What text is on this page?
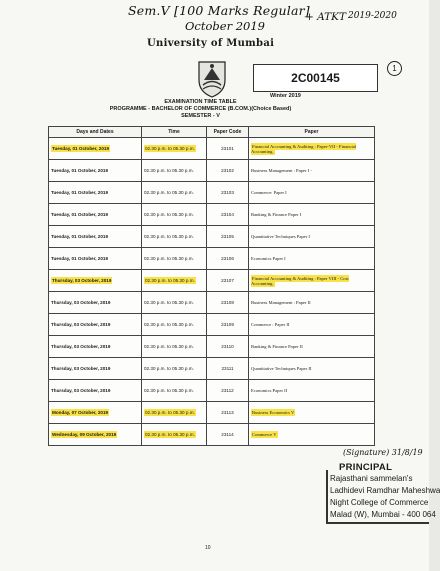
Sem.V [100 Marks Regular]
+ ATKT
October 2019
2019-2020
University of Mumbai
2C00145
1
Winter 2019
EXAMINATION TIME TABLE
PROGRAMME - BACHELOR OF COMMERCE (B.COM.)(Choice Based)
SEMESTER - V
Days and Dates	Time	Paper Code	Paper
Tuesday, 01 October, 2019	02.30 p.m. to 05.30 p.m.	23101	Financial Accounting & Auditing : Paper-VII - Financial Accounting.
Tuesday, 01 October, 2019	02.30 p.m. to 05.30 p.m.	23102	Business Management : Paper I -
Tuesday, 01 October, 2019	02.30 p.m. to 05.30 p.m.	23103	Commerce: Paper I
Tuesday, 01 October, 2019	02.30 p.m. to 05.30 p.m.	23104	Banking & Finance Paper I
Tuesday, 01 October, 2019	02.30 p.m. to 05.30 p.m.	23105	Quantitative Techniques Paper I
Tuesday, 01 October, 2019	02.30 p.m. to 05.30 p.m.	23106	Economics Paper I
Thursday, 03 October, 2019	02.30 p.m. to 05.30 p.m.	23107	Financial Accounting & Auditing : Paper VIII - Cost Accounting.
Thursday, 03 October, 2019	02.30 p.m. to 05.30 p.m.	23108	Business Management : Paper II
Thursday, 03 October, 2019	02.30 p.m. to 05.30 p.m.	23109	Commerce : Paper II
Thursday, 03 October, 2019	02.30 p.m. to 05.30 p.m.	23110	Banking & Finance Paper II
Thursday, 03 October, 2019	02.30 p.m. to 05.30 p.m.	23111	Quantitative Techniques Paper II
Thursday, 03 October, 2019	02.30 p.m. to 05.30 p.m.	23112	Economics Paper II
Monday, 07 October, 2019	02.30 p.m. to 05.30 p.m.	23113	Business Economics V
Wednesday, 09 October, 2019	02.30 p.m. to 05.30 p.m.	23114	Commerce V
(Signature) 31/8/19
PRINCIPAL
Rajasthani sammelan's
Ladhidevi Ramdhar Maheshwa
Night College of Commerce
Malad (W), Mumbai - 400 064
10
